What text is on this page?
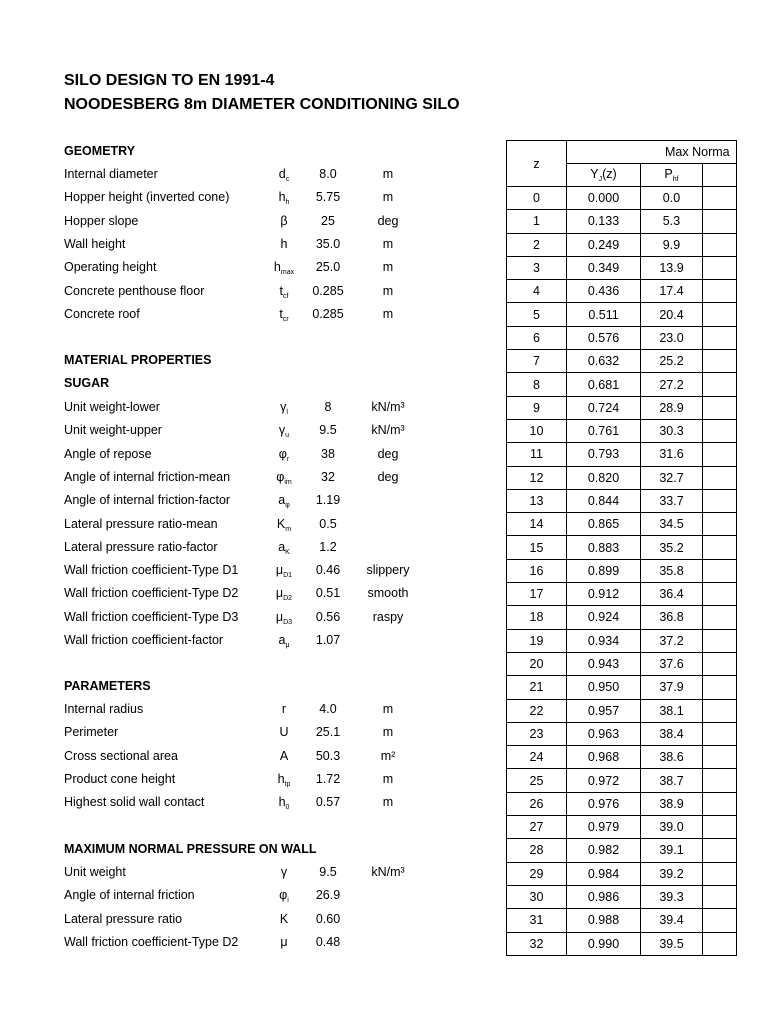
SILO DESIGN TO EN 1991-4
NOODESBERG 8m DIAMETER CONDITIONING SILO
GEOMETRY
Internal diameter	$d_c$	8.0	m
Hopper height (inverted cone)	$h_h$	5.75	m
Hopper slope	β	25	deg
Wall height	h	35.0	m
Operating height	$h_{max}$	25.0	m
Concrete penthouse floor	$t_{cf}$	0.285	m
Concrete roof	$t_{cr}$	0.285	m
MATERIAL PROPERTIES
SUGAR
Unit weight-lower	$\gamma_l$	8	kN/m³
Unit weight-upper	$\gamma_u$	9.5	kN/m³
Angle of repose	$\varphi_r$	38	deg
Angle of internal friction-mean	$\varphi_{im}$	32	deg
Angle of internal friction-factor	$a_\varphi$	1.19
Lateral pressure ratio-mean	$K_m$	0.5
Lateral pressure ratio-factor	$a_K$	1.2
Wall friction coefficient-Type D1	$\mu_{D1}$	0.46	slippery
Wall friction coefficient-Type D2	$\mu_{D2}$	0.51	smooth
Wall friction coefficient-Type D3	$\mu_{D3}$	0.56	raspy
Wall friction coefficient-factor	$a_\mu$	1.07
PARAMETERS
Internal radius	r	4.0	m
Perimeter	U	25.1	m
Cross sectional area	A	50.3	m²
Product cone height	$h_{tp}$	1.72	m
Highest solid wall contact	$h_0$	0.57	m
MAXIMUM NORMAL PRESSURE ON WALL
Unit weight	γ	9.5	kN/m³
Angle of internal friction	$\varphi_i$	26.9
Lateral pressure ratio	K	0.60
Wall friction coefficient-Type D2	μ	0.48
z	Max Norma		
	$Y_J(z)$	$P_{hf}$	
0	0.000	0.0	
1	0.133	5.3	
2	0.249	9.9	
3	0.349	13.9	
4	0.436	17.4	
5	0.511	20.4	
6	0.576	23.0	
7	0.632	25.2	
8	0.681	27.2	
9	0.724	28.9	
10	0.761	30.3	
11	0.793	31.6	
12	0.820	32.7	
13	0.844	33.7	
14	0.865	34.5	
15	0.883	35.2	
16	0.899	35.8	
17	0.912	36.4	
18	0.924	36.8	
19	0.934	37.2	
20	0.943	37.6	
21	0.950	37.9	
22	0.957	38.1	
23	0.963	38.4	
24	0.968	38.6	
25	0.972	38.7	
26	0.976	38.9	
27	0.979	39.0	
28	0.982	39.1	
29	0.984	39.2	
30	0.986	39.3	
31	0.988	39.4	
32	0.990	39.5	
